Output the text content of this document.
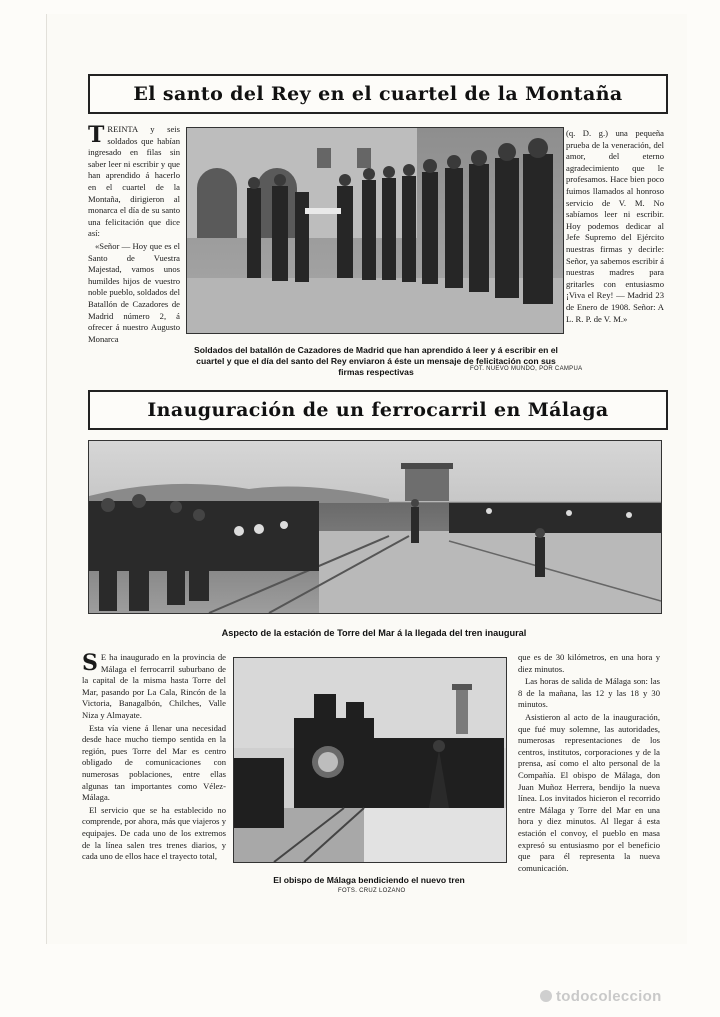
El santo del Rey en el cuartel de la Montaña

TREINTA y seis soldados que habían ingresado en filas sin saber leer ni escribir y que han aprendido á hacerlo en el cuartel de la Montaña, dirigieron al monarca el día de su santo una felicitación que dice así:

«Señor — Hoy que es el Santo de Vuestra Majestad, vamos unos humildes hijos de vuestro noble pueblo, soldados del Batallón de Cazadores de Madrid número 2, á ofrecer á nuestro Augusto Monarca

(q. D. g.) una pequeña prueba de la veneración, del amor, del eterno agradecimiento que le profesamos. Hace bien poco fuimos llamados al honroso servicio de V. M. No sabíamos leer ni escribir. Hoy podemos dedicar al Jefe Supremo del Ejército nuestras firmas y decirle: Señor, ya sabemos escribir á nuestras madres para gritarles con entusiasmo ¡Viva el Rey! — Madrid 23 de Enero de 1908. Señor: A L. R. P. de V. M.»

Soldados del batallón de Cazadores de Madrid que han aprendido á leer y á escribir en el cuartel y que el día del santo del Rey enviaron á éste un mensaje de felicitación con sus firmas respectivas	FOT. NUEVO MUNDO, POR CAMPUA
Inauguración de un ferrocarril en Málaga
Aspecto de la estación de Torre del Mar á la llegada del tren inaugural

S E ha inaugurado en la provincia de Málaga el ferrocarril suburbano de la capital de la misma hasta Torre del Mar, pasando por La Cala, Rincón de la Victoria, Banagalbón, Chilches, Valle Niza y Almayate.

Esta vía viene á llenar una necesidad desde hace mucho tiempo sentida en la región, pues Torre del Mar es centro obligado de comunicaciones con numerosas poblaciones, entre ellas algunas tan importantes como Vélez-Málaga.

El servicio que se ha establecido no comprende, por ahora, más que viajeros y equipajes. De cada uno de los extremos de la línea salen tres trenes diarios, y cada uno de ellos hace el trayecto total,

El obispo de Málaga bendiciendo el nuevo tren
FOTS. CRUZ LOZANO

que es de 30 kilómetros, en una hora y diez minutos.

Las horas de salida de Málaga son: las 8 de la mañana, las 12 y las 18 y 30 minutos.

Asistieron al acto de la inauguración, que fué muy solemne, las autoridades, numerosas representaciones de los centros, institutos, corporaciones y de la prensa, así como el alto personal de la Compañía. El obispo de Málaga, don Juan Muñoz Herrera, bendijo la nueva línea. Los invitados hicieron el recorrido entre Málaga y Torre del Mar en una hora y diez minutos. Al llegar á esta estación el convoy, el pueblo en masa expresó su entusiasmo por el beneficio que para él representa la nueva comunicación.

todocoleccion
